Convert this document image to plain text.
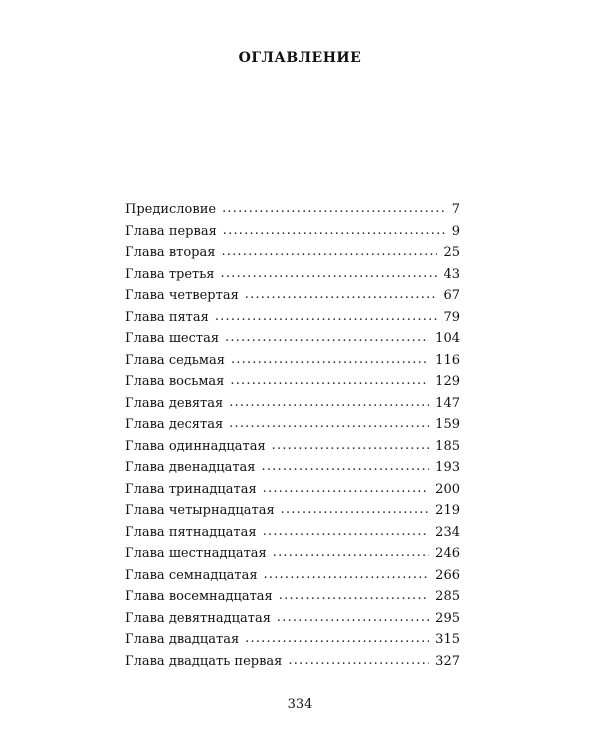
ОГЛАВЛЕНИЕ
Предисловие .....	7
Глава первая .....	9
Глава вторая .....	25
Глава третья .....	43
Глава четвертая .....	67
Глава пятая .....	79
Глава шестая .....	104
Глава седьмая .....	116
Глава восьмая .....	129
Глава девятая .....	147
Глава десятая .....	159
Глава одиннадцатая .....	185
Глава двенадцатая .....	193
Глава тринадцатая .....	200
Глава четырнадцатая .....	219
Глава пятнадцатая .....	234
Глава шестнадцатая .....	246
Глава семнадцатая .....	266
Глава восемнадцатая .....	285
Глава девятнадцатая .....	295
Глава двадцатая .....	315
Глава двадцать первая .....	327
334
